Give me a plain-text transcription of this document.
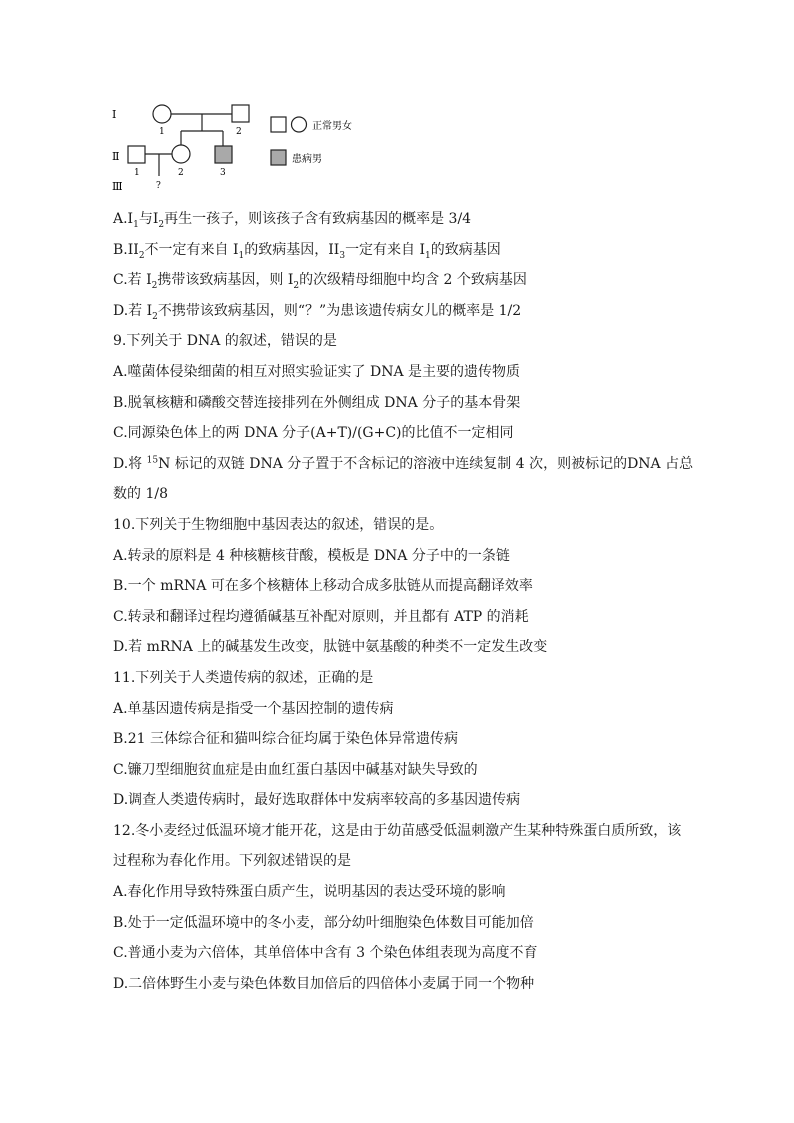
Ⅰ
Ⅱ
Ⅲ
1	2
1	2	3
?
正常男女
患病男
$A.I_1$与$I_2$再生一孩子，则该孩子含有致病基因的概率是 3/4
$B.II_2$不一定有来自 $I_1$的致病基因，$II_3$一定有来自 $I_1$的致病基因
C.若 $I_2$携带该致病基因，则 $I_2$的次级精母细胞中均含 2 个致病基因
D.若 $I_2$不携带该致病基因，则“？”为患该遗传病女儿的概率是 1/2
9.下列关于 DNA 的叙述，错误的是
A.噬菌体侵染细菌的相互对照实验证实了 DNA 是主要的遗传物质
B.脱氧核糖和磷酸交替连接排列在外侧组成 DNA 分子的基本骨架
C.同源染色体上的两 DNA 分子(A+T)/(G+C)的比值不一定相同
D.将 $^{15}$N 标记的双链 DNA 分子置于不含标记的溶液中连续复制 4 次，则被标记的DNA 占总
数的 1/8
10.下列关于生物细胞中基因表达的叙述，错误的是。
A.转录的原料是 4 种核糖核苷酸，模板是 DNA 分子中的一条链
B.一个 mRNA 可在多个核糖体上移动合成多肽链从而提高翻译效率
C.转录和翻译过程均遵循碱基互补配对原则，并且都有 ATP 的消耗
D.若 mRNA 上的碱基发生改变，肽链中氨基酸的种类不一定发生改变
11.下列关于人类遗传病的叙述，正确的是
A.单基因遗传病是指受一个基因控制的遗传病
B.21 三体综合征和猫叫综合征均属于染色体异常遗传病
C.镰刀型细胞贫血症是由血红蛋白基因中碱基对缺失导致的
D.调查人类遗传病时，最好选取群体中发病率较高的多基因遗传病
12.冬小麦经过低温环境才能开花，这是由于幼苗感受低温刺激产生某种特殊蛋白质所致，该
过程称为春化作用。下列叙述错误的是
A.春化作用导致特殊蛋白质产生，说明基因的表达受环境的影响
B.处于一定低温环境中的冬小麦，部分幼叶细胞染色体数目可能加倍
C.普通小麦为六倍体，其单倍体中含有 3 个染色体组表现为高度不育
D.二倍体野生小麦与染色体数目加倍后的四倍体小麦属于同一个物种
